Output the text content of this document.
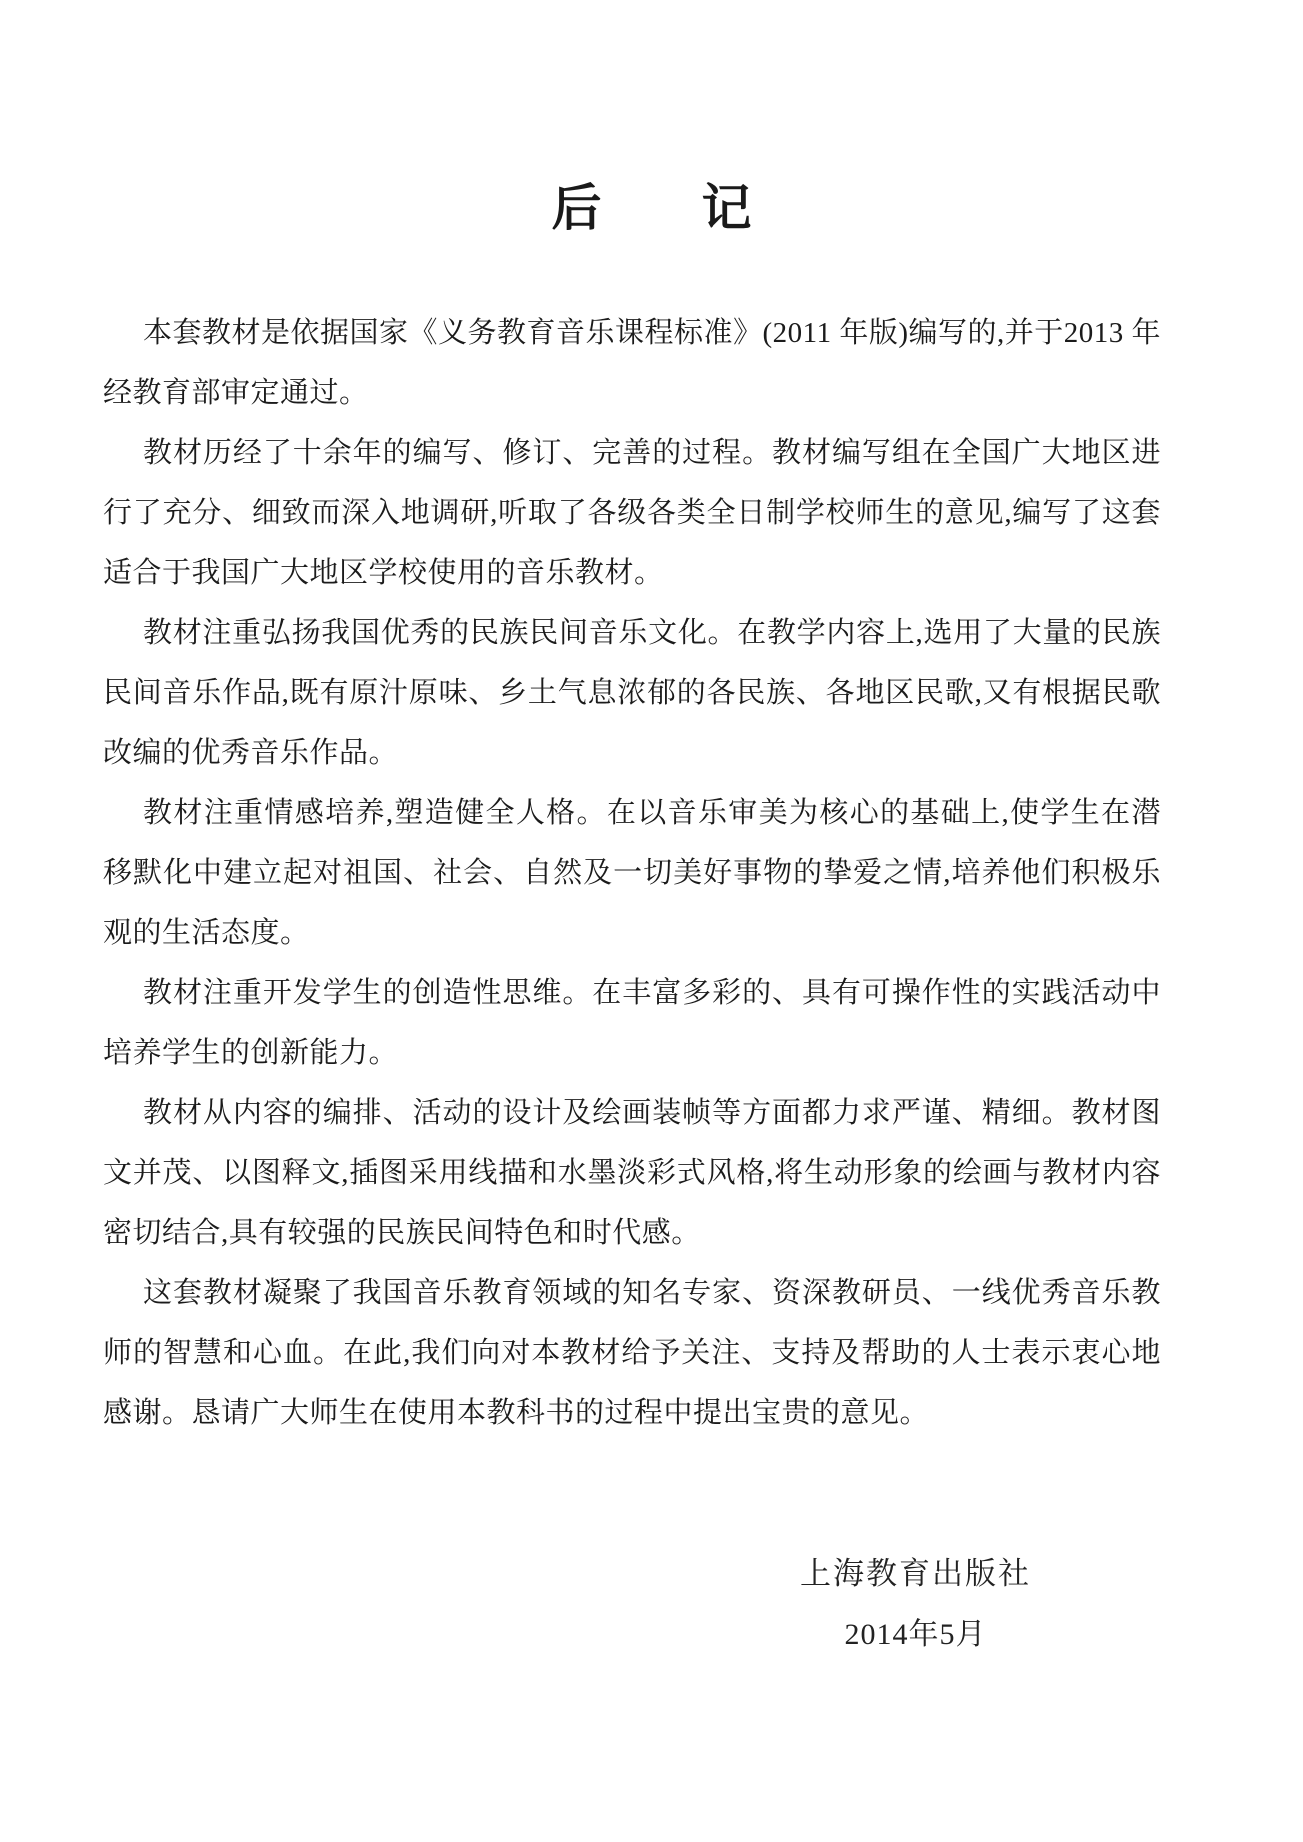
后　　记

本套教材是依据国家《义务教育音乐课程标准》(2011 年版)编写的,并于2013 年经教育部审定通过。

教材历经了十余年的编写、修订、完善的过程。教材编写组在全国广大地区进行了充分、细致而深入地调研,听取了各级各类全日制学校师生的意见,编写了这套适合于我国广大地区学校使用的音乐教材。

教材注重弘扬我国优秀的民族民间音乐文化。在教学内容上,选用了大量的民族民间音乐作品,既有原汁原味、乡土气息浓郁的各民族、各地区民歌,又有根据民歌改编的优秀音乐作品。

教材注重情感培养,塑造健全人格。在以音乐审美为核心的基础上,使学生在潜移默化中建立起对祖国、社会、自然及一切美好事物的挚爱之情,培养他们积极乐观的生活态度。

教材注重开发学生的创造性思维。在丰富多彩的、具有可操作性的实践活动中培养学生的创新能力。

教材从内容的编排、活动的设计及绘画装帧等方面都力求严谨、精细。教材图文并茂、以图释文,插图采用线描和水墨淡彩式风格,将生动形象的绘画与教材内容密切结合,具有较强的民族民间特色和时代感。

这套教材凝聚了我国音乐教育领域的知名专家、资深教研员、一线优秀音乐教师的智慧和心血。在此,我们向对本教材给予关注、支持及帮助的人士表示衷心地感谢。恳请广大师生在使用本教科书的过程中提出宝贵的意见。

上海教育出版社
2014年5月
